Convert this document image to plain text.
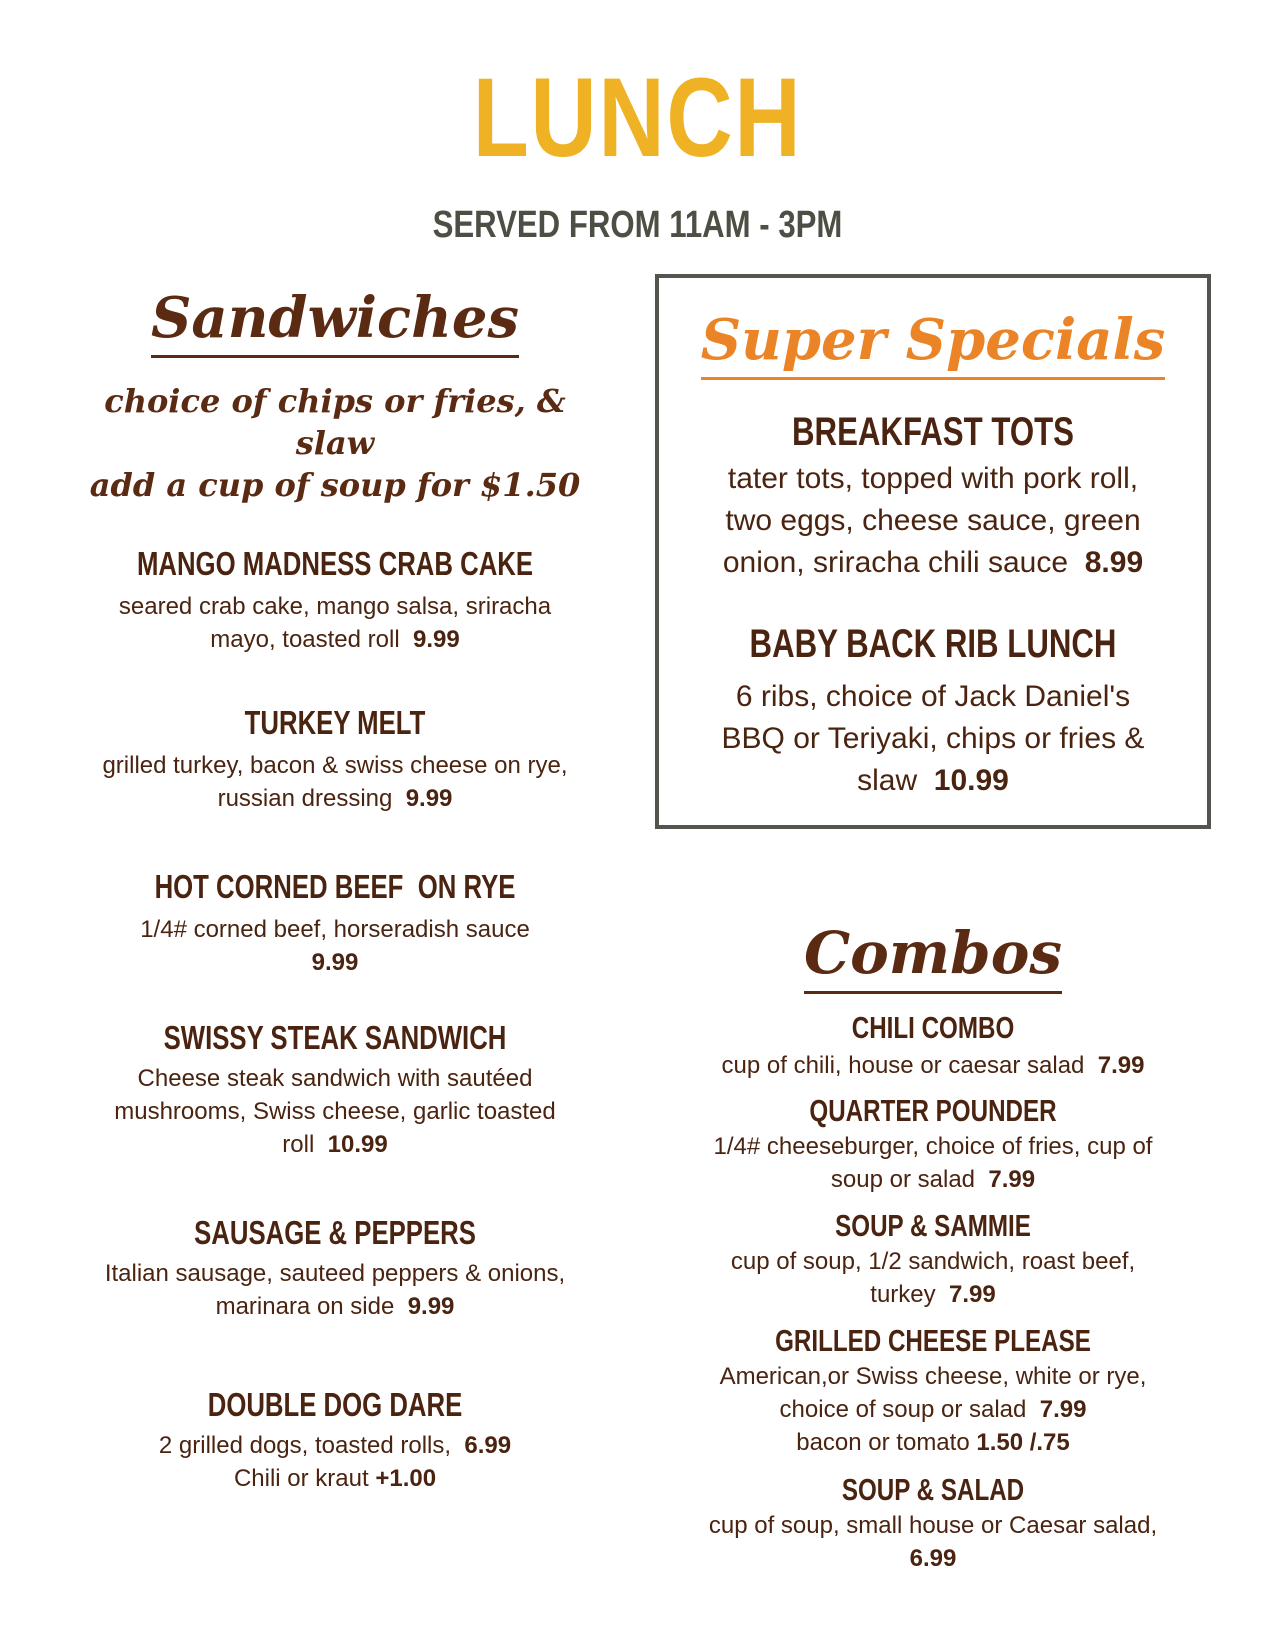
LUNCH
SERVED FROM 11AM - 3PM
Sandwiches
choice of chips or fries, &
slaw
add a cup of soup for $1.50
MANGO MADNESS CRAB CAKE
seared crab cake, mango salsa, sriracha
mayo, toasted roll 9.99
TURKEY MELT
grilled turkey, bacon & swiss cheese on rye,
russian dressing 9.99
HOT CORNED BEEF  ON RYE
1/4# corned beef, horseradish sauce
9.99
SWISSY STEAK SANDWICH
Cheese steak sandwich with sautéed
mushrooms, Swiss cheese, garlic toasted
roll 10.99
SAUSAGE & PEPPERS
Italian sausage, sauteed peppers & onions,
marinara on side 9.99
DOUBLE DOG DARE
2 grilled dogs, toasted rolls, 6.99
Chili or kraut +1.00
Super Specials
BREAKFAST TOTS
tater tots, topped with pork roll,
two eggs, cheese sauce, green
onion, sriracha chili sauce 8.99
BABY BACK RIB LUNCH
6 ribs, choice of Jack Daniel's
BBQ or Teriyaki, chips or fries &
slaw 10.99
Combos
CHILI COMBO
cup of chili, house or caesar salad 7.99
QUARTER POUNDER
1/4# cheeseburger, choice of fries, cup of
soup or salad 7.99
SOUP & SAMMIE
cup of soup, 1/2 sandwich, roast beef,
turkey 7.99
GRILLED CHEESE PLEASE
American,or Swiss cheese, white or rye,
choice of soup or salad 7.99
bacon or tomato 1.50 /.75
SOUP & SALAD
cup of soup, small house or Caesar salad,
6.99
